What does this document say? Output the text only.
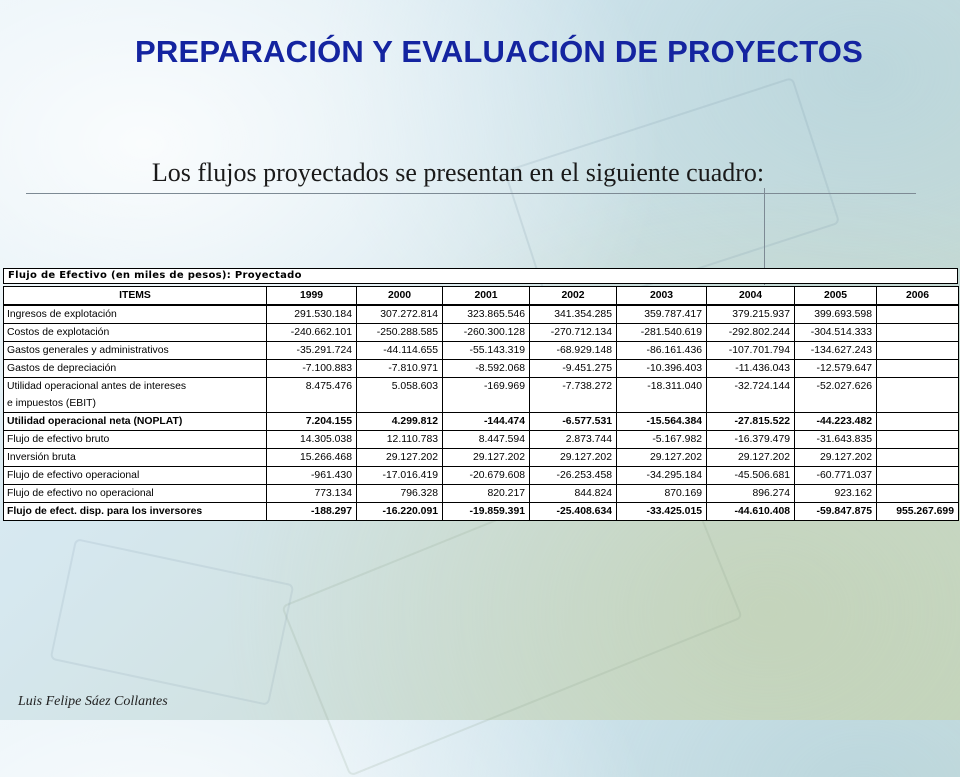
PREPARACIÓN Y EVALUACIÓN DE PROYECTOS
Los flujos proyectados se presentan en el siguiente cuadro:
Flujo de Efectivo (en miles de pesos): Proyectado
ITEMS	1999	2000	2001	2002	2003	2004	2005	2006
Ingresos de explotación	291.530.184	307.272.814	323.865.546	341.354.285	359.787.417	379.215.937	399.693.598	
Costos de explotación	-240.662.101	-250.288.585	-260.300.128	-270.712.134	-281.540.619	-292.802.244	-304.514.333	
Gastos generales y administrativos	-35.291.724	-44.114.655	-55.143.319	-68.929.148	-86.161.436	-107.701.794	-134.627.243	
Gastos de depreciación	-7.100.883	-7.810.971	-8.592.068	-9.451.275	-10.396.403	-11.436.043	-12.579.647	
Utilidad operacional antes de intereses	8.475.476	5.058.603	-169.969	-7.738.272	-18.311.040	-32.724.144	-52.027.626	
e impuestos (EBIT)								
Utilidad operacional neta (NOPLAT)	7.204.155	4.299.812	-144.474	-6.577.531	-15.564.384	-27.815.522	-44.223.482	
Flujo de efectivo bruto	14.305.038	12.110.783	8.447.594	2.873.744	-5.167.982	-16.379.479	-31.643.835	
Inversión bruta	15.266.468	29.127.202	29.127.202	29.127.202	29.127.202	29.127.202	29.127.202	
Flujo de efectivo operacional	-961.430	-17.016.419	-20.679.608	-26.253.458	-34.295.184	-45.506.681	-60.771.037	
Flujo de efectivo no operacional	773.134	796.328	820.217	844.824	870.169	896.274	923.162	
Flujo de efect. disp. para los inversores	-188.297	-16.220.091	-19.859.391	-25.408.634	-33.425.015	-44.610.408	-59.847.875	955.267.699
Luis Felipe Sáez Collantes
